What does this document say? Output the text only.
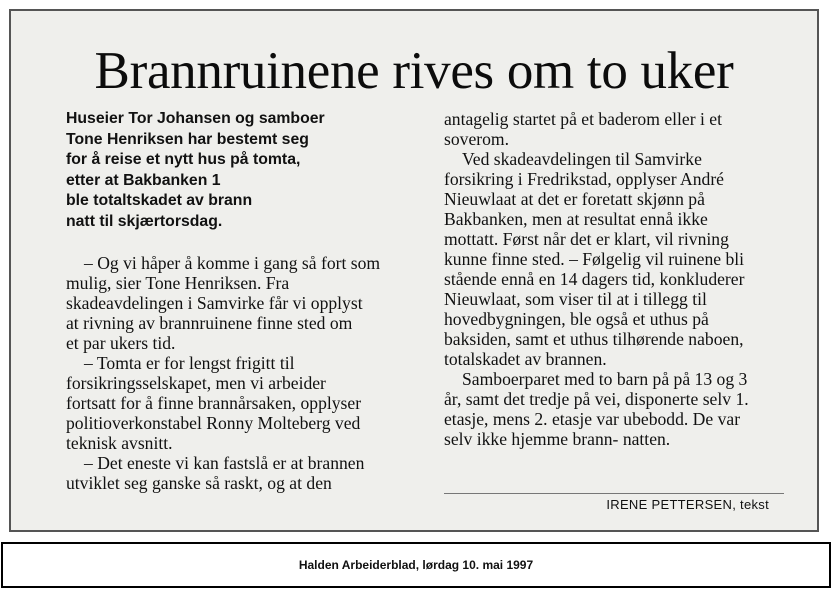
Brannruinene rives om to uker

Huseier Tor Johansen og samboer
Tone Henriksen har bestemt seg
for å reise et nytt hus på tomta,
etter at Bakbanken 1
ble totaltskadet av brann
natt til skjærtorsdag.

– Og vi håper å komme i gang så fort som
mulig, sier Tone Henriksen. Fra
skadeavdelingen i Samvirke får vi opplyst
at rivning av brannruinene finne sted om
et par ukers tid.

– Tomta er for lengst frigitt til
forsikringsselskapet, men vi arbeider
fortsatt for å finne brannårsaken, opplyser
politioverkonstabel Ronny Molteberg ved
teknisk avsnitt.

– Det eneste vi kan fastslå er at brannen
utviklet seg ganske så raskt, og at den

antagelig startet på et baderom eller i et
soverom.

Ved skadeavdelingen til Samvirke
forsikring i Fredrikstad, opplyser André
Nieuwlaat at det er foretatt skjønn på
Bakbanken, men at resultat ennå ikke
mottatt. Først når det er klart, vil rivning
kunne finne sted. – Følgelig vil ruinene bli
stående ennå en 14 dagers tid, konkluderer
Nieuwlaat, som viser til at i tillegg til
hovedbygningen, ble også et uthus på
baksiden, samt et uthus tilhørende naboen,
totalskadet av brannen.

Samboerparet med to barn på på 13 og 3
år, samt det tredje på vei, disponerte selv 1.
etasje, mens 2. etasje var ubebodd. De var
selv ikke hjemme brann- natten.

IRENE PETTERSEN, tekst
Halden Arbeiderblad, lørdag 10. mai 1997
